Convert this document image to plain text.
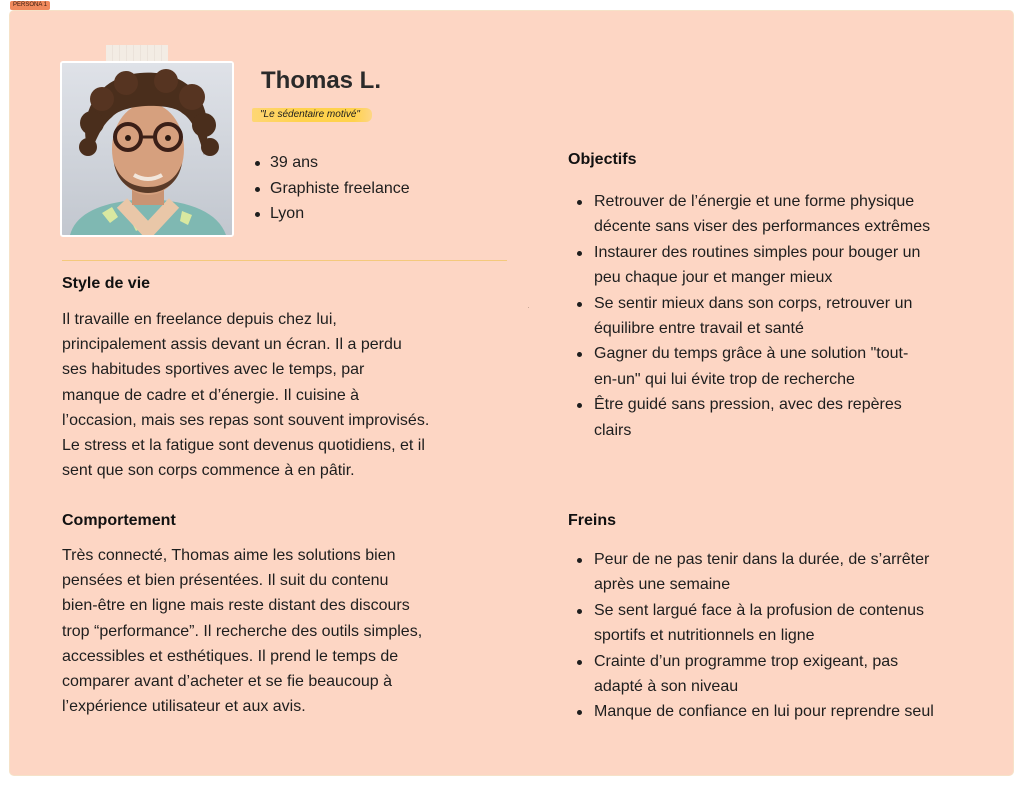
PERSONA 1
Thomas L.
"Le sédentaire motivé"
39 ans
Graphiste freelance
Lyon
Style de vie
Il travaille en freelance depuis chez lui,
principalement assis devant un écran. Il a perdu
ses habitudes sportives avec le temps, par
manque de cadre et d’énergie. Il cuisine à
l’occasion, mais ses repas sont souvent improvisés.
Le stress et la fatigue sont devenus quotidiens, et il
sent que son corps commence à en pâtir.
Comportement
Très connecté, Thomas aime les solutions bien
pensées et bien présentées. Il suit du contenu
bien-être en ligne mais reste distant des discours
trop “performance”. Il recherche des outils simples,
accessibles et esthétiques. Il prend le temps de
comparer avant d’acheter et se fie beaucoup à
l’expérience utilisateur et aux avis.
Objectifs
Retrouver de l’énergie et une forme physique
décente sans viser des performances extrêmes
Instaurer des routines simples pour bouger un
peu chaque jour et manger mieux
Se sentir mieux dans son corps, retrouver un
équilibre entre travail et santé
Gagner du temps grâce à une solution "tout-
en-un" qui lui évite trop de recherche
Être guidé sans pression, avec des repères
clairs
Freins
Peur de ne pas tenir dans la durée, de s’arrêter
après une semaine
Se sent largué face à la profusion de contenus
sportifs et nutritionnels en ligne
Crainte d’un programme trop exigeant, pas
adapté à son niveau
Manque de confiance en lui pour reprendre seul
